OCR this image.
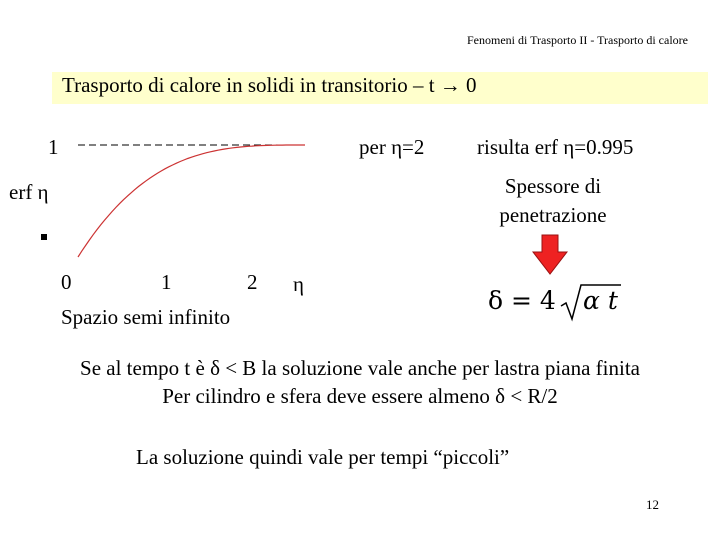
Fenomeni di Trasporto II - Trasporto di calore
Trasporto di calore in solidi in transitorio – t → 0
1
erf η
0	1	2 η
Spazio semi infinito
per η=2	risulta erf η=0.995
Spessore di
penetrazione
δ = 4 α t
Se al tempo t è δ < B la soluzione vale anche per lastra piana finita
Per cilindro e sfera deve essere almeno δ < R/2
La soluzione quindi vale per tempi “piccoli”
12
